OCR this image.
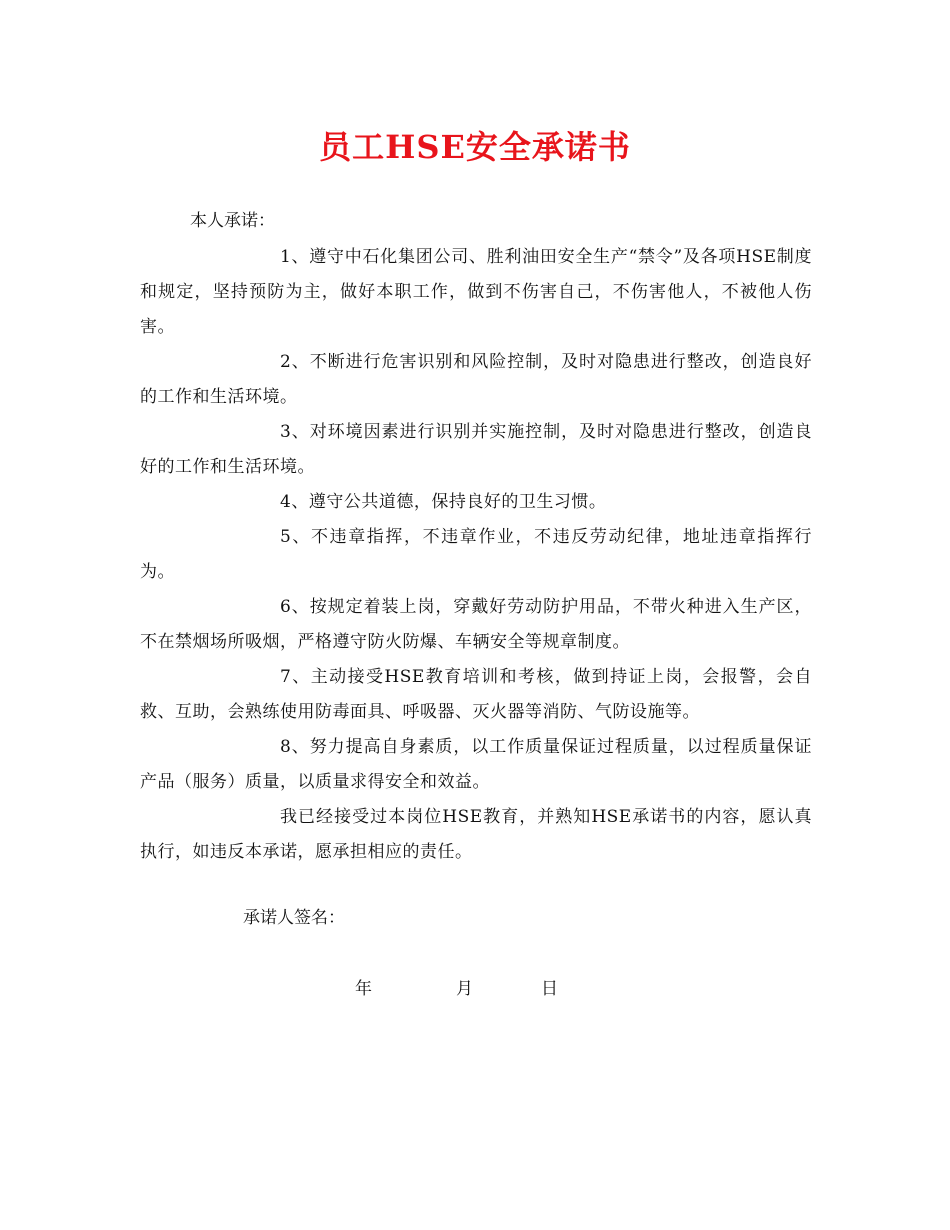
员工HSE安全承诺书
本人承诺：

1、遵守中石化集团公司、胜利油田安全生产“禁令”及各项HSE制度和规定，坚持预防为主，做好本职工作，做到不伤害自己，不伤害他人，不被他人伤害。

2、不断进行危害识别和风险控制，及时对隐患进行整改，创造良好的工作和生活环境。

3、对环境因素进行识别并实施控制，及时对隐患进行整改，创造良好的工作和生活环境。

4、遵守公共道德，保持良好的卫生习惯。

5、不违章指挥，不违章作业，不违反劳动纪律，地址违章指挥行为。

6、按规定着装上岗，穿戴好劳动防护用品，不带火种进入生产区，不在禁烟场所吸烟，严格遵守防火防爆、车辆安全等规章制度。

7、主动接受HSE教育培训和考核，做到持证上岗，会报警，会自救、互助，会熟练使用防毒面具、呼吸器、灭火器等消防、气防设施等。

8、努力提高自身素质，以工作质量保证过程质量，以过程质量保证产品（服务）质量，以质量求得安全和效益。

我已经接受过本岗位HSE教育，并熟知HSE承诺书的内容，愿认真执行，如违反本承诺，愿承担相应的责任。

承诺人签名：
年	月	日
